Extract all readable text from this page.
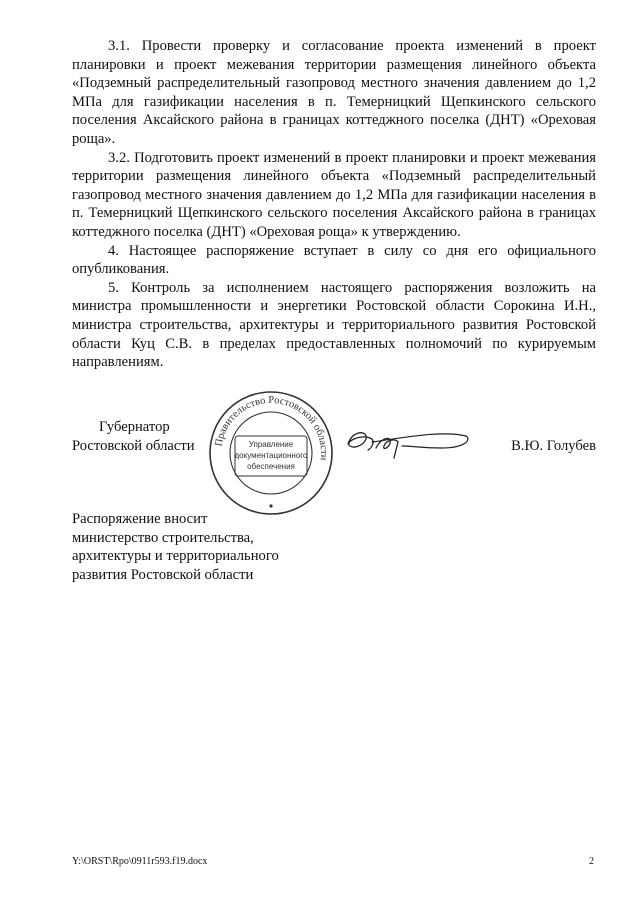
3.1. Провести проверку и согласование проекта изменений в проект планировки и проект межевания территории размещения линейного объекта «Подземный распределительный газопровод местного значения давлением до 1,2 МПа для газификации населения в п. Темерницкий Щепкинского сельского поселения Аксайского района в границах коттеджного поселка (ДНТ) «Ореховая роща».

3.2. Подготовить проект изменений в проект планировки и проект межевания территории размещения линейного объекта «Подземный распределительный газопровод местного значения давлением до 1,2 МПа для газификации населения в п. Темерницкий Щепкинского сельского поселения Аксайского района в границах коттеджного поселка (ДНТ) «Ореховая роща» к утверждению.

4. Настоящее распоряжение вступает в силу со дня его официального опубликования.

5. Контроль за исполнением настоящего распоряжения возложить на министра промышленности и энергетики Ростовской области Сорокина И.Н., министра строительства, архитектуры и территориального развития Ростовской области Куц С.В. в пределах предоставленных полномочий по курируемым направлениям.

Губернатор
Ростовской области	В.Ю. Голубев
Правительство Ростовской области
Управление
документационного
обеспечения
Распоряжение вносит
министерство строительства,
архитектуры и территориального
развития Ростовской области
Y:\ORST\Rpo\0911r593.f19.docx	2
